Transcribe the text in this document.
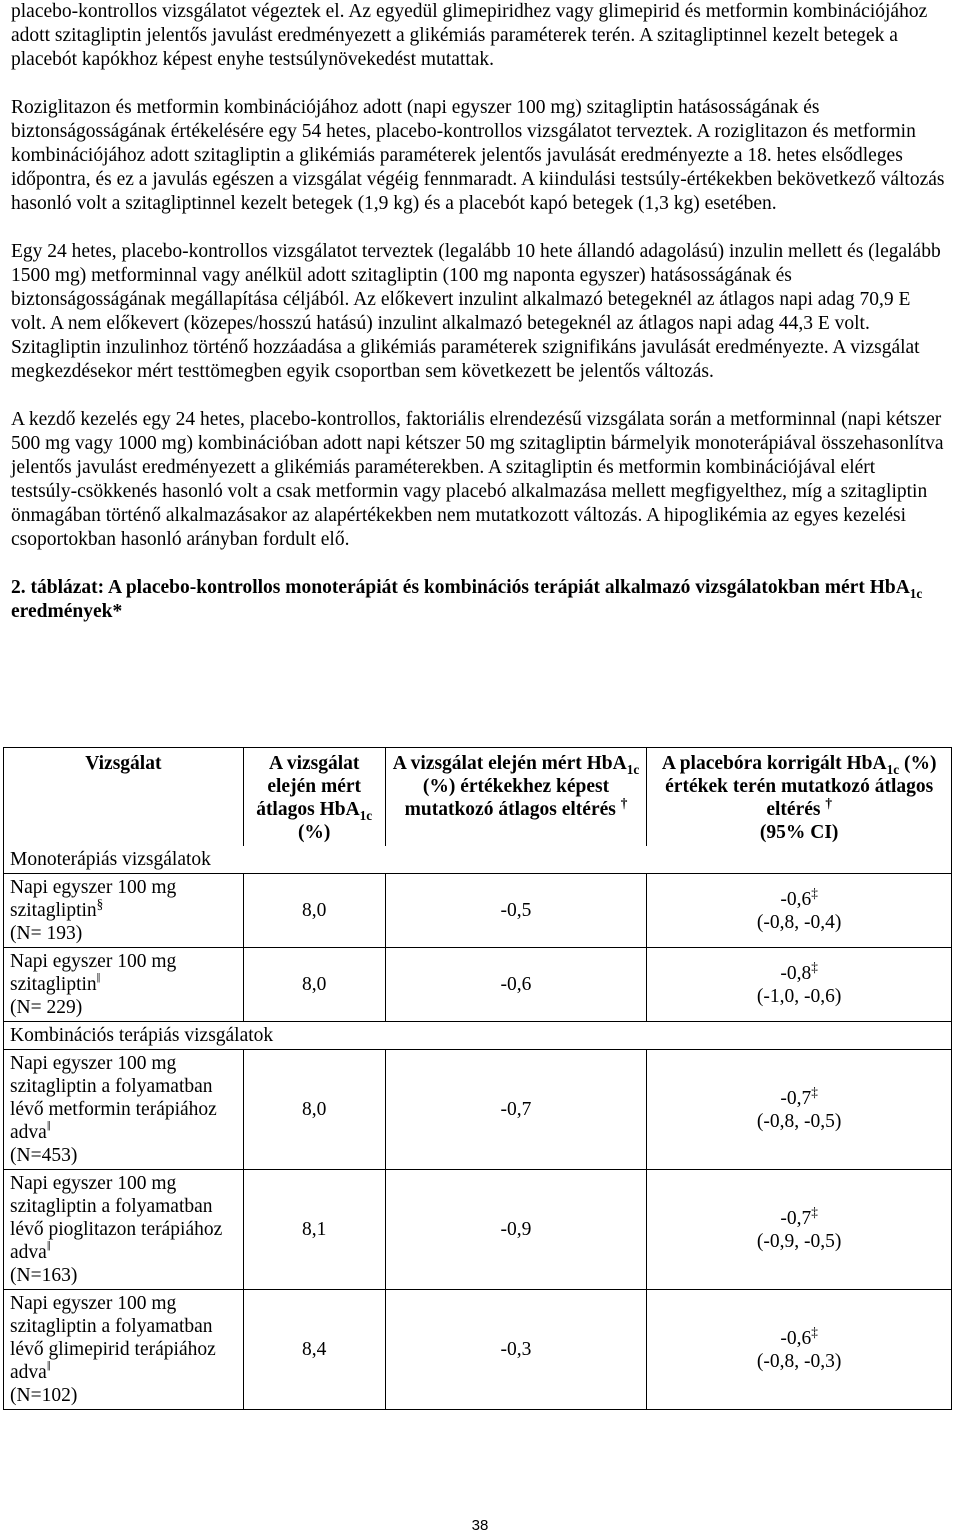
placebo-kontrollos vizsgálatot végeztek el. Az egyedül glimepiridhez vagy glimepirid és metformin kombinációjához adott szitagliptin jelentős javulást eredményezett a glikémiás paraméterek terén. A szitagliptinnel kezelt betegek a placebót kapókhoz képest enyhe testsúlynövekedést mutattak.

Roziglitazon és metformin kombinációjához adott (napi egyszer 100 mg) szitagliptin hatásosságának és biztonságosságának értékelésére egy 54 hetes, placebo-kontrollos vizsgálatot terveztek. A roziglitazon és metformin kombinációjához adott szitagliptin a glikémiás paraméterek jelentős javulását eredményezte a 18. hetes elsődleges időpontra, és ez a javulás egészen a vizsgálat végéig fennmaradt. A kiindulási testsúly-értékekben bekövetkező változás hasonló volt a szitagliptinnel kezelt betegek (1,9 kg) és a placebót kapó betegek (1,3 kg) esetében.

Egy 24 hetes, placebo-kontrollos vizsgálatot terveztek (legalább 10 hete állandó adagolású) inzulin mellett és (legalább 1500 mg) metforminnal vagy anélkül adott szitagliptin (100 mg naponta egyszer) hatásosságának és biztonságosságának megállapítása céljából. Az előkevert inzulint alkalmazó betegeknél az átlagos napi adag 70,9 E volt. A nem előkevert (közepes/hosszú hatású) inzulint alkalmazó betegeknél az átlagos napi adag 44,3 E volt. Szitagliptin inzulinhoz történő hozzáadása a glikémiás paraméterek szignifikáns javulását eredményezte. A vizsgálat megkezdésekor mért testtömegben egyik csoportban sem következett be jelentős változás.

A kezdő kezelés egy 24 hetes, placebo-kontrollos, faktoriális elrendezésű vizsgálata során a metforminnal (napi kétszer 500 mg vagy 1000 mg) kombinációban adott napi kétszer 50 mg szitagliptin bármelyik monoterápiával összehasonlítva jelentős javulást eredményezett a glikémiás paraméterekben. A szitagliptin és metformin kombinációjával elért testsúly-csökkenés hasonló volt a csak metformin vagy placebó alkalmazása mellett megfigyelthez, míg a szitagliptin önmagában történő alkalmazásakor az alapértékekben nem mutatkozott változás. A hipoglikémia az egyes kezelési csoportokban hasonló arányban fordult elő.

2. táblázat: A placebo-kontrollos monoterápiát és kombinációs terápiát alkalmazó vizsgálatokban mért HbA$_{1c}$ eredmények*

Vizsgálat	A vizsgálat elején mért átlagos HbA$_{1c}$ (%)	A vizsgálat elején mért HbA$_{1c}$ (%) értékekhez képest mutatkozó átlagos eltérés †	A placebóra korrigált HbA$_{1c}$ (%) értékek terén mutatkozó átlagos eltérés †
(95% CI)
Monoterápiás vizsgálatok			
Napi egyszer 100 mg szitagliptin§
(N= 193)	8,0	-0,5	-0,6‡
(-0,8, -0,4)
Napi egyszer 100 mg szitagliptin‖
(N= 229)	8,0	-0,6	-0,8‡
(-1,0, -0,6)
Kombinációs terápiás vizsgálatok			
Napi egyszer 100 mg szitagliptin a folyamatban lévő metformin terápiához adva‖
(N=453)	8,0	-0,7	-0,7‡
(-0,8, -0,5)
Napi egyszer 100 mg szitagliptin a folyamatban lévő pioglitazon terápiához adva‖
(N=163)	8,1	-0,9	-0,7‡
(-0,9, -0,5)
Napi egyszer 100 mg szitagliptin a folyamatban lévő glimepirid terápiához adva‖
(N=102)	8,4	-0,3	-0,6‡
(-0,8, -0,3)
38
